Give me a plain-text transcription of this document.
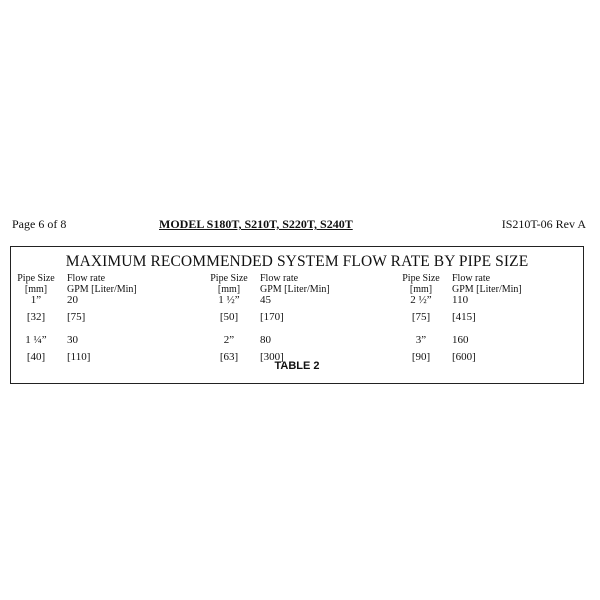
Page 6 of 8	MODEL S180T, S210T, S220T, S240T	IS210T-06 Rev A
MAXIMUM RECOMMENDED SYSTEM FLOW RATE BY PIPE SIZE
Pipe Size
[mm]
Flow rate
GPM [Liter/Min]
1”	20
[32]	[75]
1 ¼”	30
[40]	[110]
Pipe Size
[mm]
Flow rate
GPM [Liter/Min]
1 ½”	45
[50]	[170]
2”	80
[63]	[300]
Pipe Size
[mm]
Flow rate
GPM [Liter/Min]
2 ½”	110
[75]	[415]
3”	160
[90]	[600]
TABLE 2
